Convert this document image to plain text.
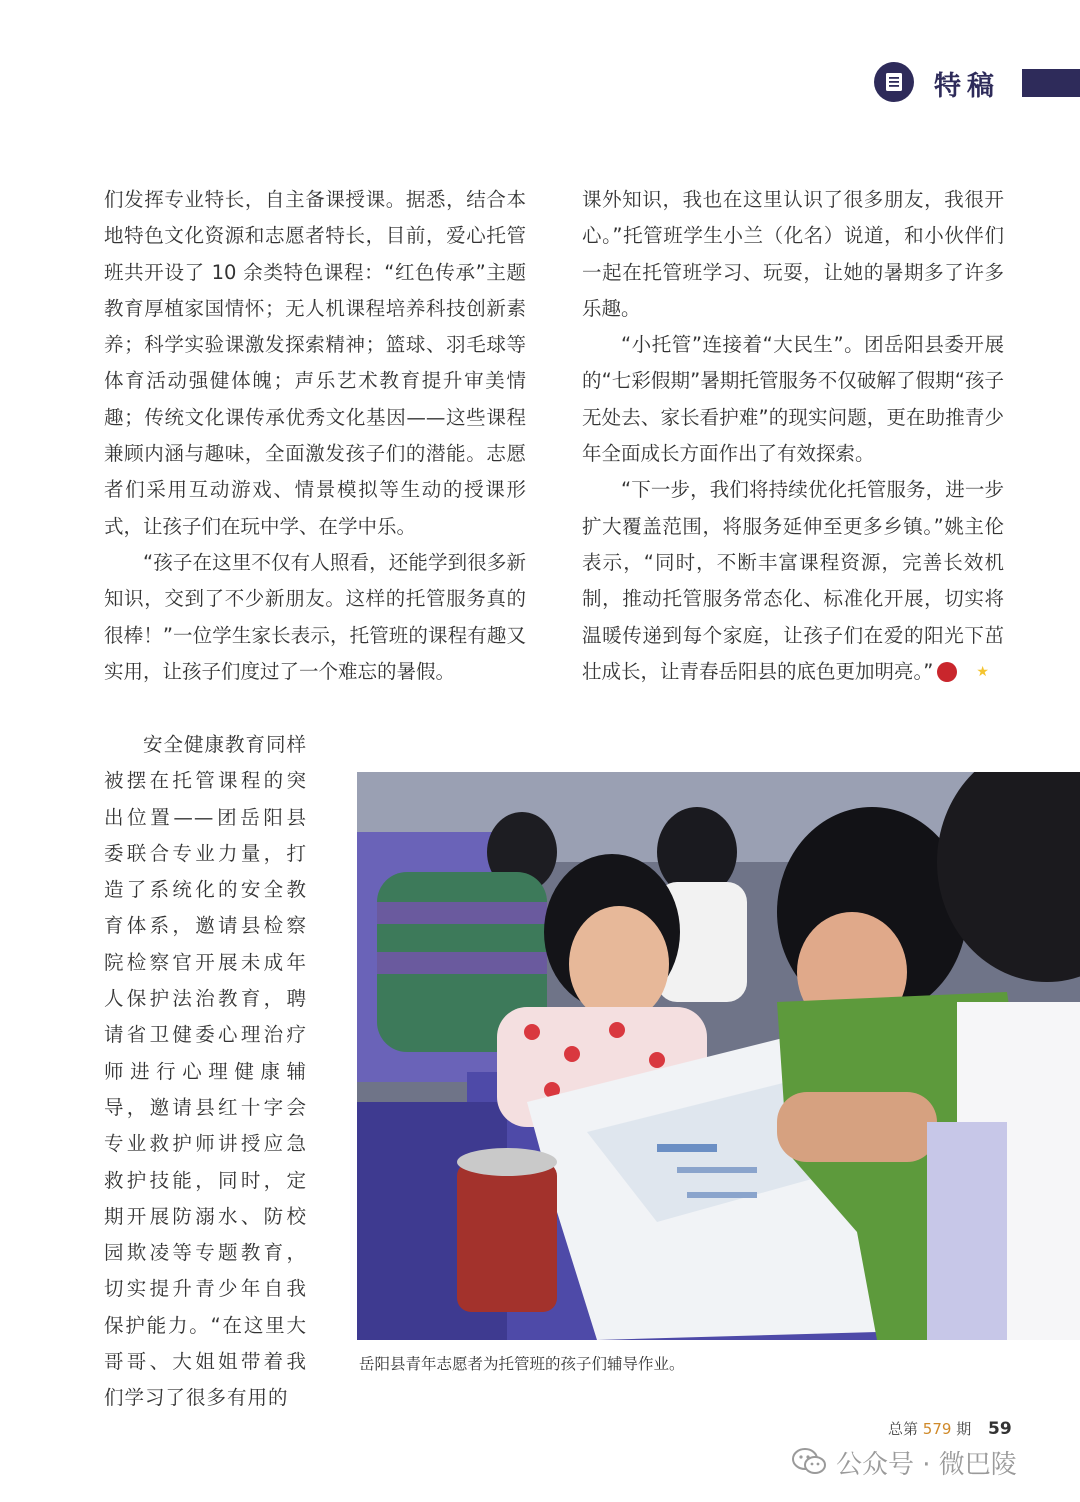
特稿

们发挥专业特长，自主备课授课。据悉，结合本地特色文化资源和志愿者特长，目前，爱心托管班共开设了 10 余类特色课程：“红色传承”主题教育厚植家国情怀；无人机课程培养科技创新素养；科学实验课激发探索精神；篮球、羽毛球等体育活动强健体魄；声乐艺术教育提升审美情趣；传统文化课传承优秀文化基因——这些课程兼顾内涵与趣味，全面激发孩子们的潜能。志愿者们采用互动游戏、情景模拟等生动的授课形式，让孩子们在玩中学、在学中乐。

“孩子在这里不仅有人照看，还能学到很多新知识，交到了不少新朋友。这样的托管服务真的很棒！”一位学生家长表示，托管班的课程有趣又实用，让孩子们度过了一个难忘的暑假。

安全健康教育同样被摆在托管课程的突出位置——团岳阳县委联合专业力量，打造了系统化的安全教育体系，邀请县检察院检察官开展未成年人保护法治教育，聘请省卫健委心理治疗师进行心理健康辅导，邀请县红十字会专业救护师讲授应急救护技能，同时，定期开展防溺水、防校园欺凌等专题教育，切实提升青少年自我保护能力。“在这里大哥哥、大姐姐带着我们学习了很多有用的

课外知识，我也在这里认识了很多朋友，我很开心。”托管班学生小兰（化名）说道，和小伙伴们一起在托管班学习、玩耍，让她的暑期多了许多乐趣。

“小托管”连接着“大民生”。团岳阳县委开展的“七彩假期”暑期托管服务不仅破解了假期“孩子无处去、家长看护难”的现实问题，更在助推青少年全面成长方面作出了有效探索。

“下一步，我们将持续优化托管服务，进一步扩大覆盖范围，将服务延伸至更多乡镇。”姚主伦表示，“同时，不断丰富课程资源，完善长效机制，推动托管服务常态化、标准化开展，切实将温暖传递到每个家庭，让孩子们在爱的阳光下茁壮成长，让青春岳阳县的底色更加明亮。”	★

岳阳县青年志愿者为托管班的孩子们辅导作业。
总第 579 期 59
公众号 · 微巴陵
